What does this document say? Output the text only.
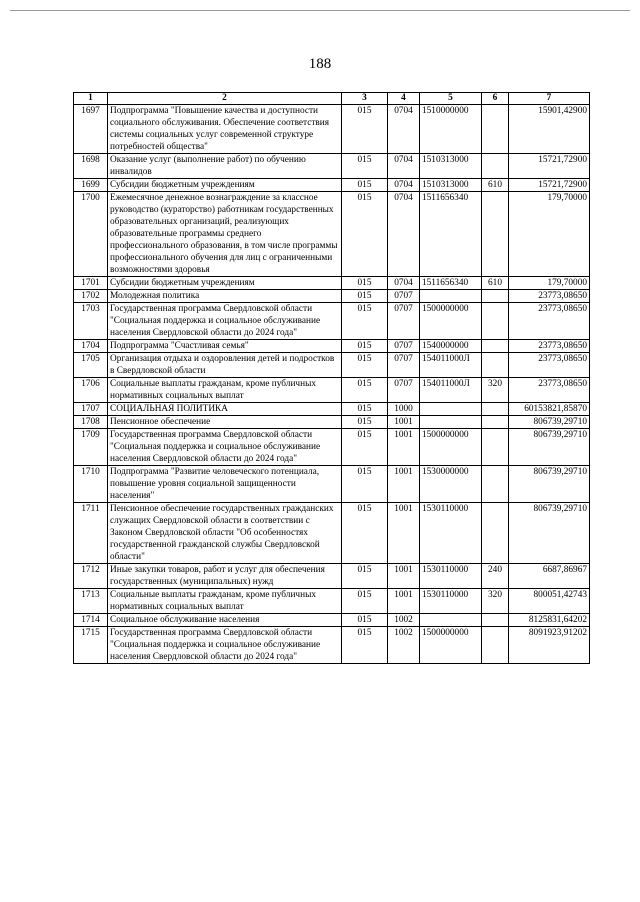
188
1	2	3	4	5	6	7
1697	Подпрограмма "Повышение качества и доступности социального обслуживания. Обеспечение соответствия системы социальных услуг современной структуре потребностей общества"	015	0704	1510000000		15901,42900
1698	Оказание услуг (выполнение работ) по обучению инвалидов	015	0704	1510313000		15721,72900
1699	Субсидии бюджетным учреждениям	015	0704	1510313000	610	15721,72900
1700	Ежемесячное денежное вознаграждение за классное руководство (кураторство) работникам государственных образовательных организаций, реализующих образовательные программы среднего профессионального образования, в том числе программы профессионального обучения для лиц с ограниченными возможностями здоровья	015	0704	1511656340		179,70000
1701	Субсидии бюджетным учреждениям	015	0704	1511656340	610	179,70000
1702	Молодежная политика	015	0707			23773,08650
1703	Государственная программа Свердловской области "Социальная поддержка и социальное обслуживание населения Свердловской области до 2024 года"	015	0707	1500000000		23773,08650
1704	Подпрограмма "Счастливая семья"	015	0707	1540000000		23773,08650
1705	Организация отдыха и оздоровления детей и подростков в Свердловской области	015	0707	154011000Л		23773,08650
1706	Социальные выплаты гражданам, кроме публичных нормативных социальных выплат	015	0707	154011000Л	320	23773,08650
1707	СОЦИАЛЬНАЯ ПОЛИТИКА	015	1000			60153821,85870
1708	Пенсионное обеспечение	015	1001			806739,29710
1709	Государственная программа Свердловской области "Социальная поддержка и социальное обслуживание населения Свердловской области до 2024 года"	015	1001	1500000000		806739,29710
1710	Подпрограмма "Развитие человеческого потенциала, повышение уровня социальной защищенности населения"	015	1001	1530000000		806739,29710
1711	Пенсионное обеспечение государственных гражданских служащих Свердловской области в соответствии с Законом Свердловской области "Об особенностях государственной гражданской службы Свердловской области"	015	1001	1530110000		806739,29710
1712	Иные закупки товаров, работ и услуг для обеспечения государственных (муниципальных) нужд	015	1001	1530110000	240	6687,86967
1713	Социальные выплаты гражданам, кроме публичных нормативных социальных выплат	015	1001	1530110000	320	800051,42743
1714	Социальное обслуживание населения	015	1002			8125831,64202
1715	Государственная программа Свердловской области "Социальная поддержка и социальное обслуживание населения Свердловской области до 2024 года"	015	1002	1500000000		8091923,91202
